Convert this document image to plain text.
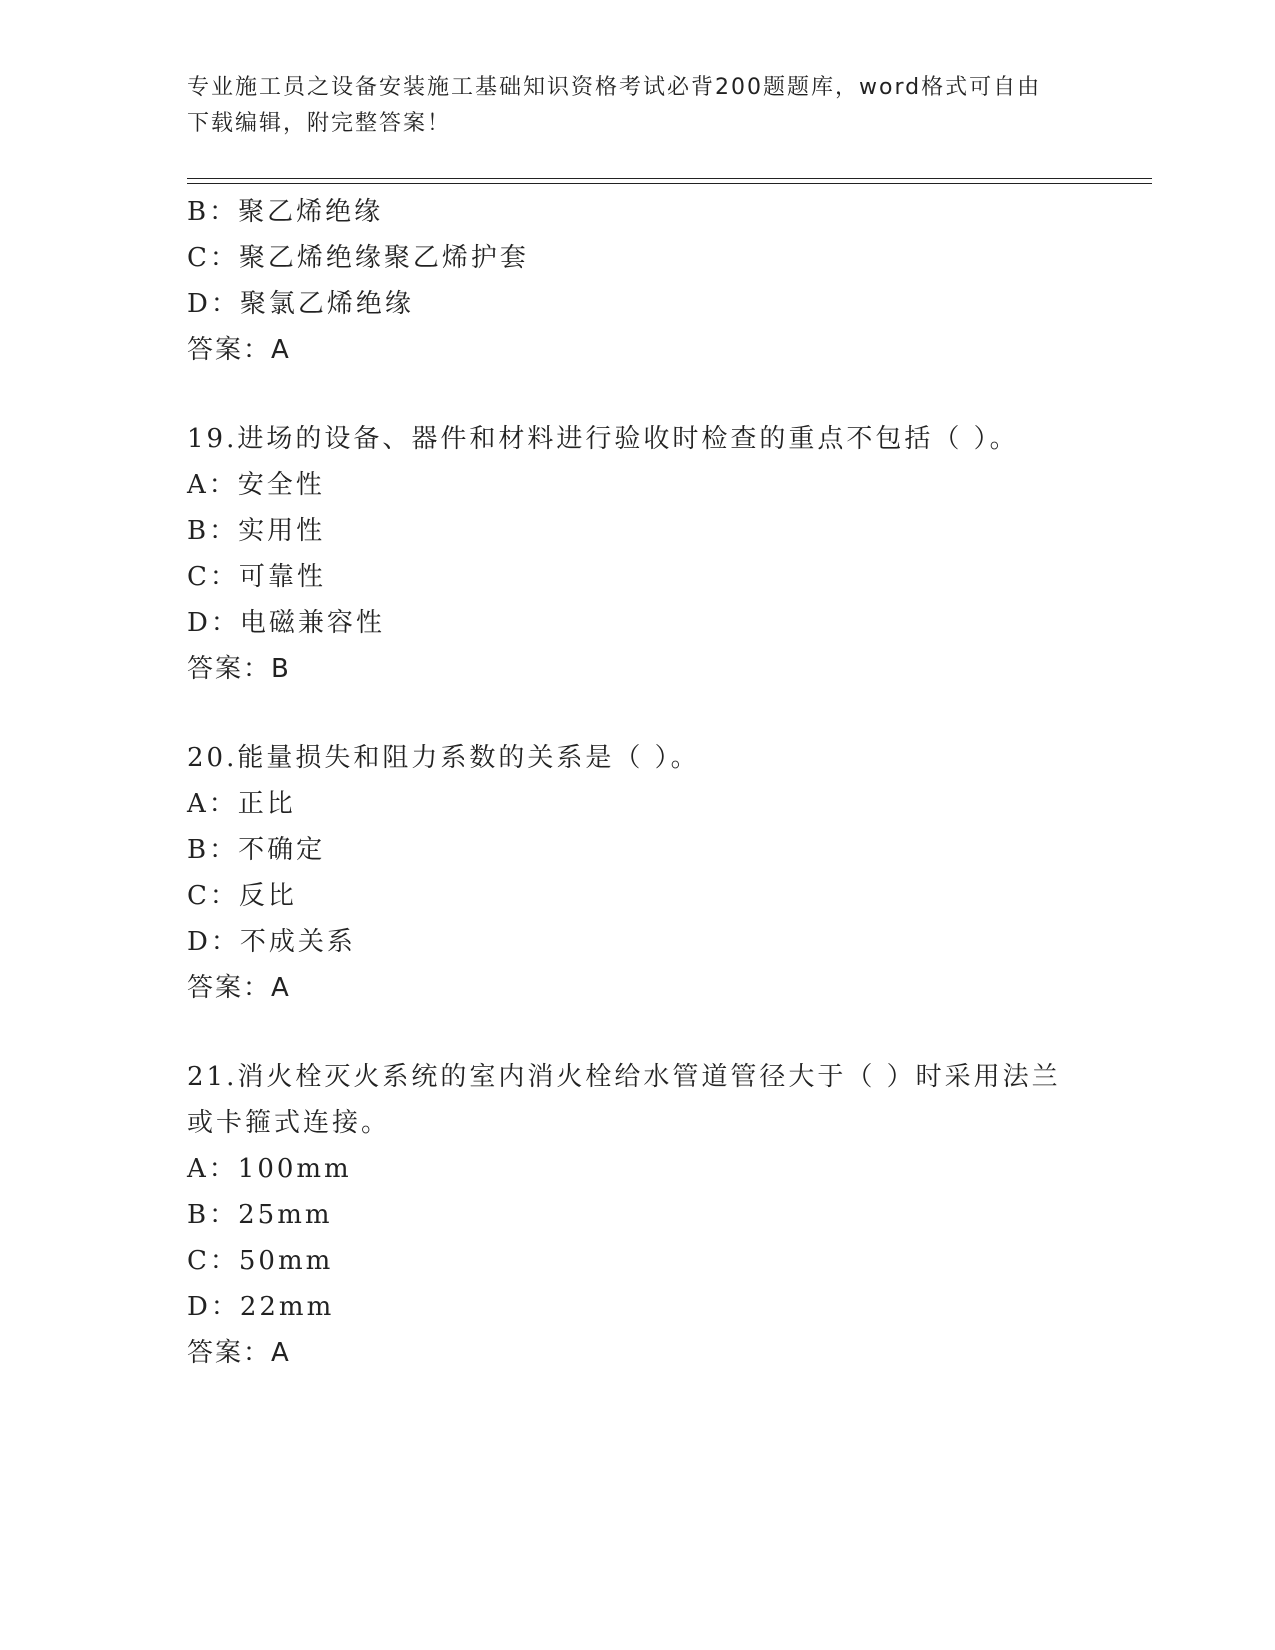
专业施工员之设备安装施工基础知识资格考试必背200题题库，word格式可自由
下载编辑，附完整答案！
B：聚乙烯绝缘
C：聚乙烯绝缘聚乙烯护套
D：聚氯乙烯绝缘
答案：A
19.进场的设备、器件和材料进行验收时检查的重点不包括（ ）。
A：安全性
B：实用性
C：可靠性
D：电磁兼容性
答案：B
20.能量损失和阻力系数的关系是（ ）。
A：正比
B：不确定
C：反比
D：不成关系
答案：A
21.消火栓灭火系统的室内消火栓给水管道管径大于（ ）时采用法兰
或卡箍式连接。
A：100mm
B：25mm
C：50mm
D：22mm
答案：A
